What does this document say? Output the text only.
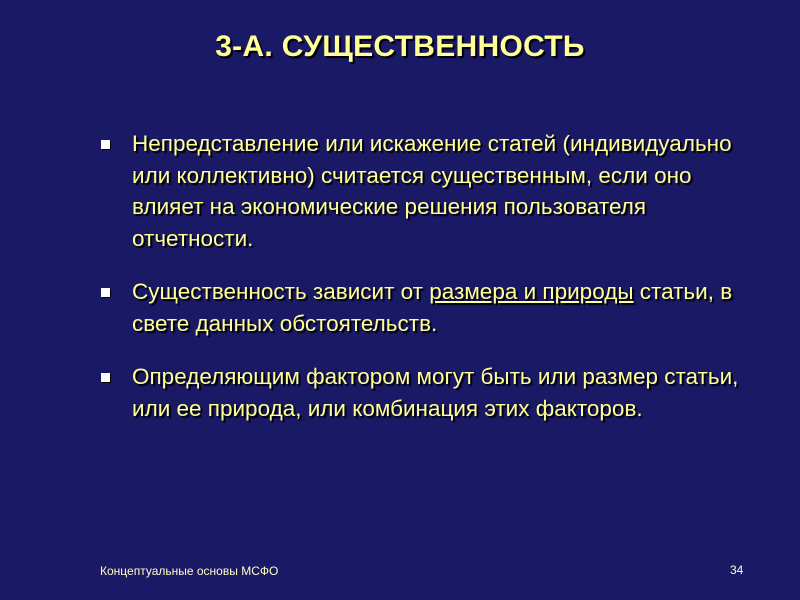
3-А. СУЩЕСТВЕННОСТЬ
Непредставление или искажение статей (индивидуально или коллективно) считается существенным, если оно влияет на экономические решения пользователя отчетности.
Существенность зависит от размера и природы статьи, в свете данных обстоятельств.
Определяющим фактором могут быть или размер статьи, или ее природа, или комбинация этих факторов.
Концептуальные основы МСФО	34
